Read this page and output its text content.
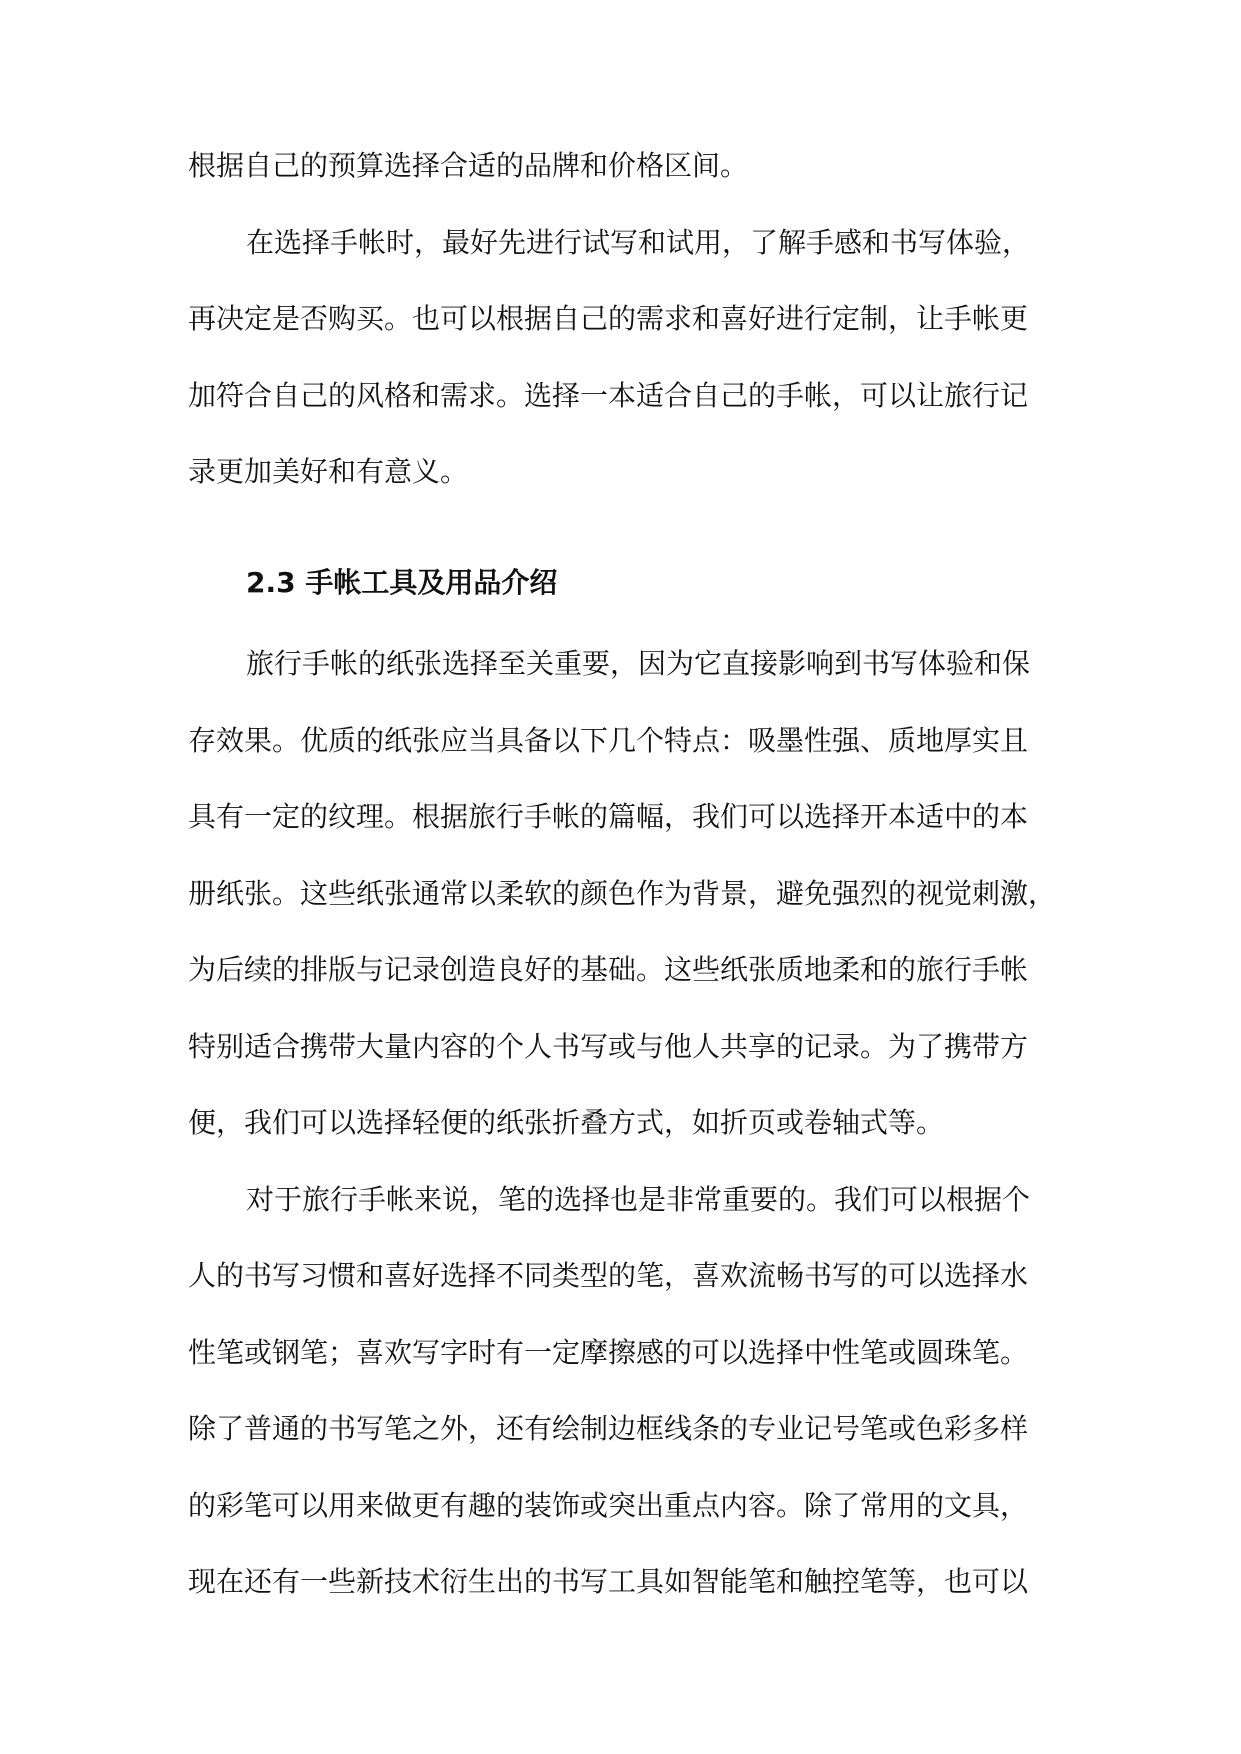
根据自己的预算选择合适的品牌和价格区间。
在选择手帐时，最好先进行试写和试用，了解手感和书写体验，
再决定是否购买。也可以根据自己的需求和喜好进行定制，让手帐更
加符合自己的风格和需求。选择一本适合自己的手帐，可以让旅行记
录更加美好和有意义。
2.3 手帐工具及用品介绍
旅行手帐的纸张选择至关重要，因为它直接影响到书写体验和保
存效果。优质的纸张应当具备以下几个特点：吸墨性强、质地厚实且
具有一定的纹理。根据旅行手帐的篇幅，我们可以选择开本适中的本
册纸张。这些纸张通常以柔软的颜色作为背景，避免强烈的视觉刺激，
为后续的排版与记录创造良好的基础。这些纸张质地柔和的旅行手帐
特别适合携带大量内容的个人书写或与他人共享的记录。为了携带方
便，我们可以选择轻便的纸张折叠方式，如折页或卷轴式等。
对于旅行手帐来说，笔的选择也是非常重要的。我们可以根据个
人的书写习惯和喜好选择不同类型的笔，喜欢流畅书写的可以选择水
性笔或钢笔；喜欢写字时有一定摩擦感的可以选择中性笔或圆珠笔。
除了普通的书写笔之外，还有绘制边框线条的专业记号笔或色彩多样
的彩笔可以用来做更有趣的装饰或突出重点内容。除了常用的文具，
现在还有一些新技术衍生出的书写工具如智能笔和触控笔等，也可以
